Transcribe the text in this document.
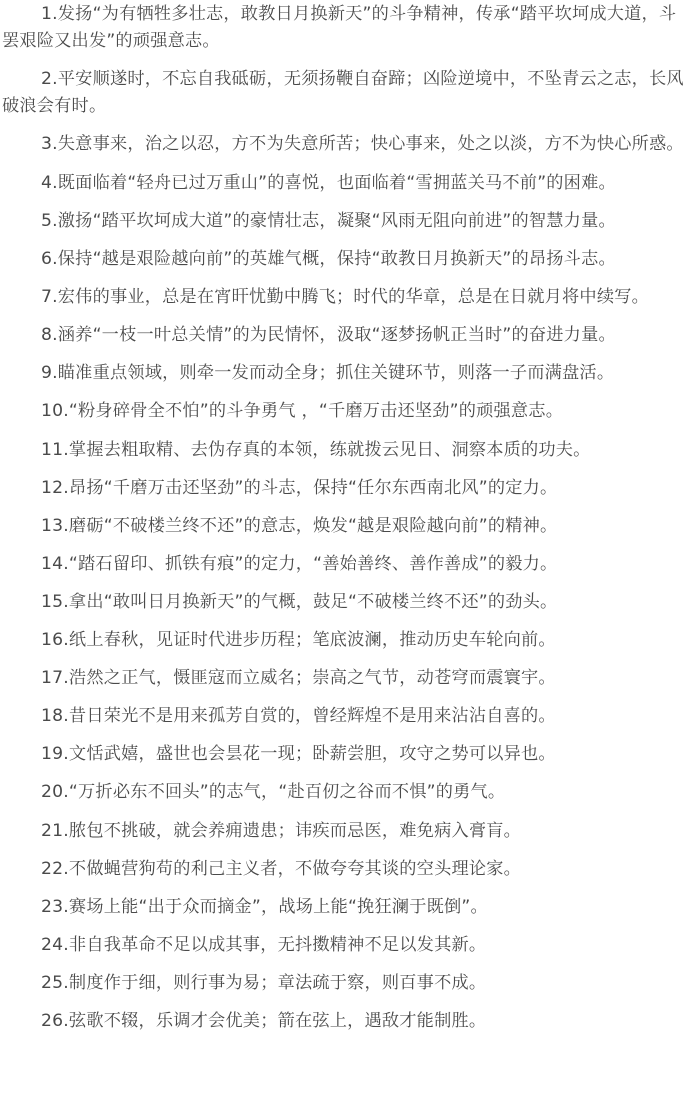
1.发扬“为有牺牲多壮志，敢教日月换新天”的斗争精神，传承“踏平坎坷成大道，斗罢艰险又出发”的顽强意志。

2.平安顺遂时，不忘自我砥砺，无须扬鞭自奋蹄；凶险逆境中，不坠青云之志，长风破浪会有时。

3.失意事来，治之以忍，方不为失意所苦；快心事来，处之以淡，方不为快心所惑。

4.既面临着“轻舟已过万重山”的喜悦，也面临着“雪拥蓝关马不前”的困难。

5.激扬“踏平坎坷成大道”的豪情壮志，凝聚“风雨无阻向前进”的智慧力量。

6.保持“越是艰险越向前”的英雄气概，保持“敢教日月换新天”的昂扬斗志。

7.宏伟的事业，总是在宵旰忧勤中腾飞；时代的华章，总是在日就月将中续写。

8.涵养“一枝一叶总关情”的为民情怀，汲取“逐梦扬帆正当时”的奋进力量。

9.瞄准重点领域，则牵一发而动全身；抓住关键环节，则落一子而满盘活。

10.“粉身碎骨全不怕”的斗争勇气 ，“千磨万击还坚劲”的顽强意志。

11.掌握去粗取精、去伪存真的本领，练就拨云见日、洞察本质的功夫。

12.昂扬“千磨万击还坚劲”的斗志，保持“任尔东西南北风”的定力。

13.磨砺“不破楼兰终不还”的意志，焕发“越是艰险越向前”的精神。

14.“踏石留印、抓铁有痕”的定力，“善始善终、善作善成”的毅力。

15.拿出“敢叫日月换新天”的气概，鼓足“不破楼兰终不还”的劲头。

16.纸上春秋，见证时代进步历程；笔底波澜，推动历史车轮向前。

17.浩然之正气，慑匪寇而立威名；崇高之气节，动苍穹而震寰宇。

18.昔日荣光不是用来孤芳自赏的，曾经辉煌不是用来沾沾自喜的。

19.文恬武嬉，盛世也会昙花一现；卧薪尝胆，攻守之势可以异也。

20.“万折必东不回头”的志气，“赴百仞之谷而不惧”的勇气。

21.脓包不挑破，就会养痈遗患；讳疾而忌医，难免病入膏肓。

22.不做蝇营狗苟的利己主义者，不做夸夸其谈的空头理论家。

23.赛场上能“出于众而摘金”，战场上能“挽狂澜于既倒”。

24.非自我革命不足以成其事，无抖擞精神不足以发其新。

25.制度作于细，则行事为易；章法疏于察，则百事不成。

26.弦歌不辍，乐调才会优美；箭在弦上，遇敌才能制胜。
